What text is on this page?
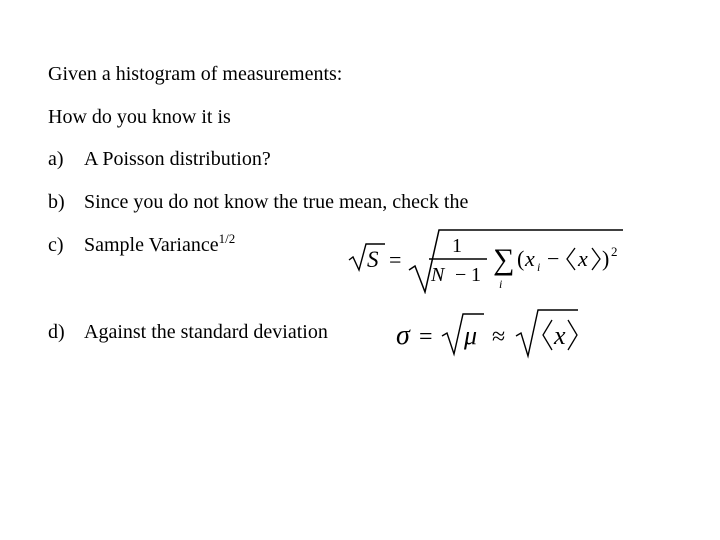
Given a histogram of measurements:
How do you know it is
a) A Poisson distribution?
b) Since you do not know the true mean, check the
c) Sample Variance$^{1/2}$
d) Against the standard deviation
S =
1
N − 1 ∑
i
( x i − x ) 2
σ = μ ≈ x
